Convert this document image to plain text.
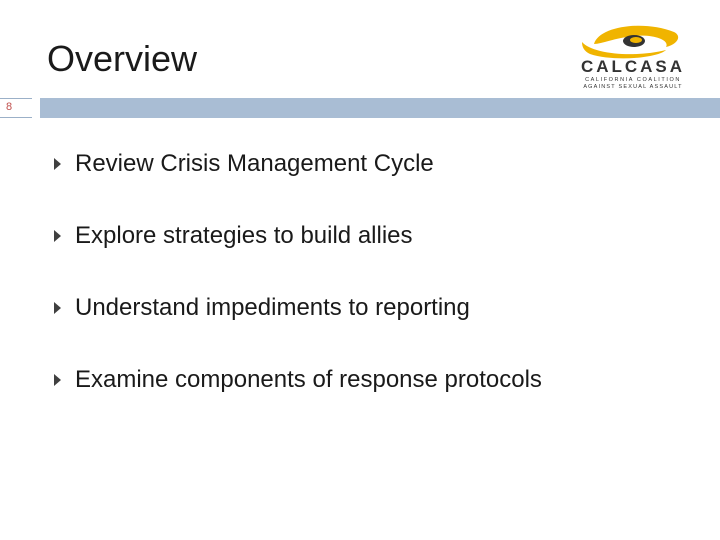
Overview	CALCASA
CALIFORNIA COALITION
AGAINST SEXUAL ASSAULT
8
Review Crisis Management Cycle
Explore strategies to build allies
Understand impediments to reporting
Examine components of response protocols
